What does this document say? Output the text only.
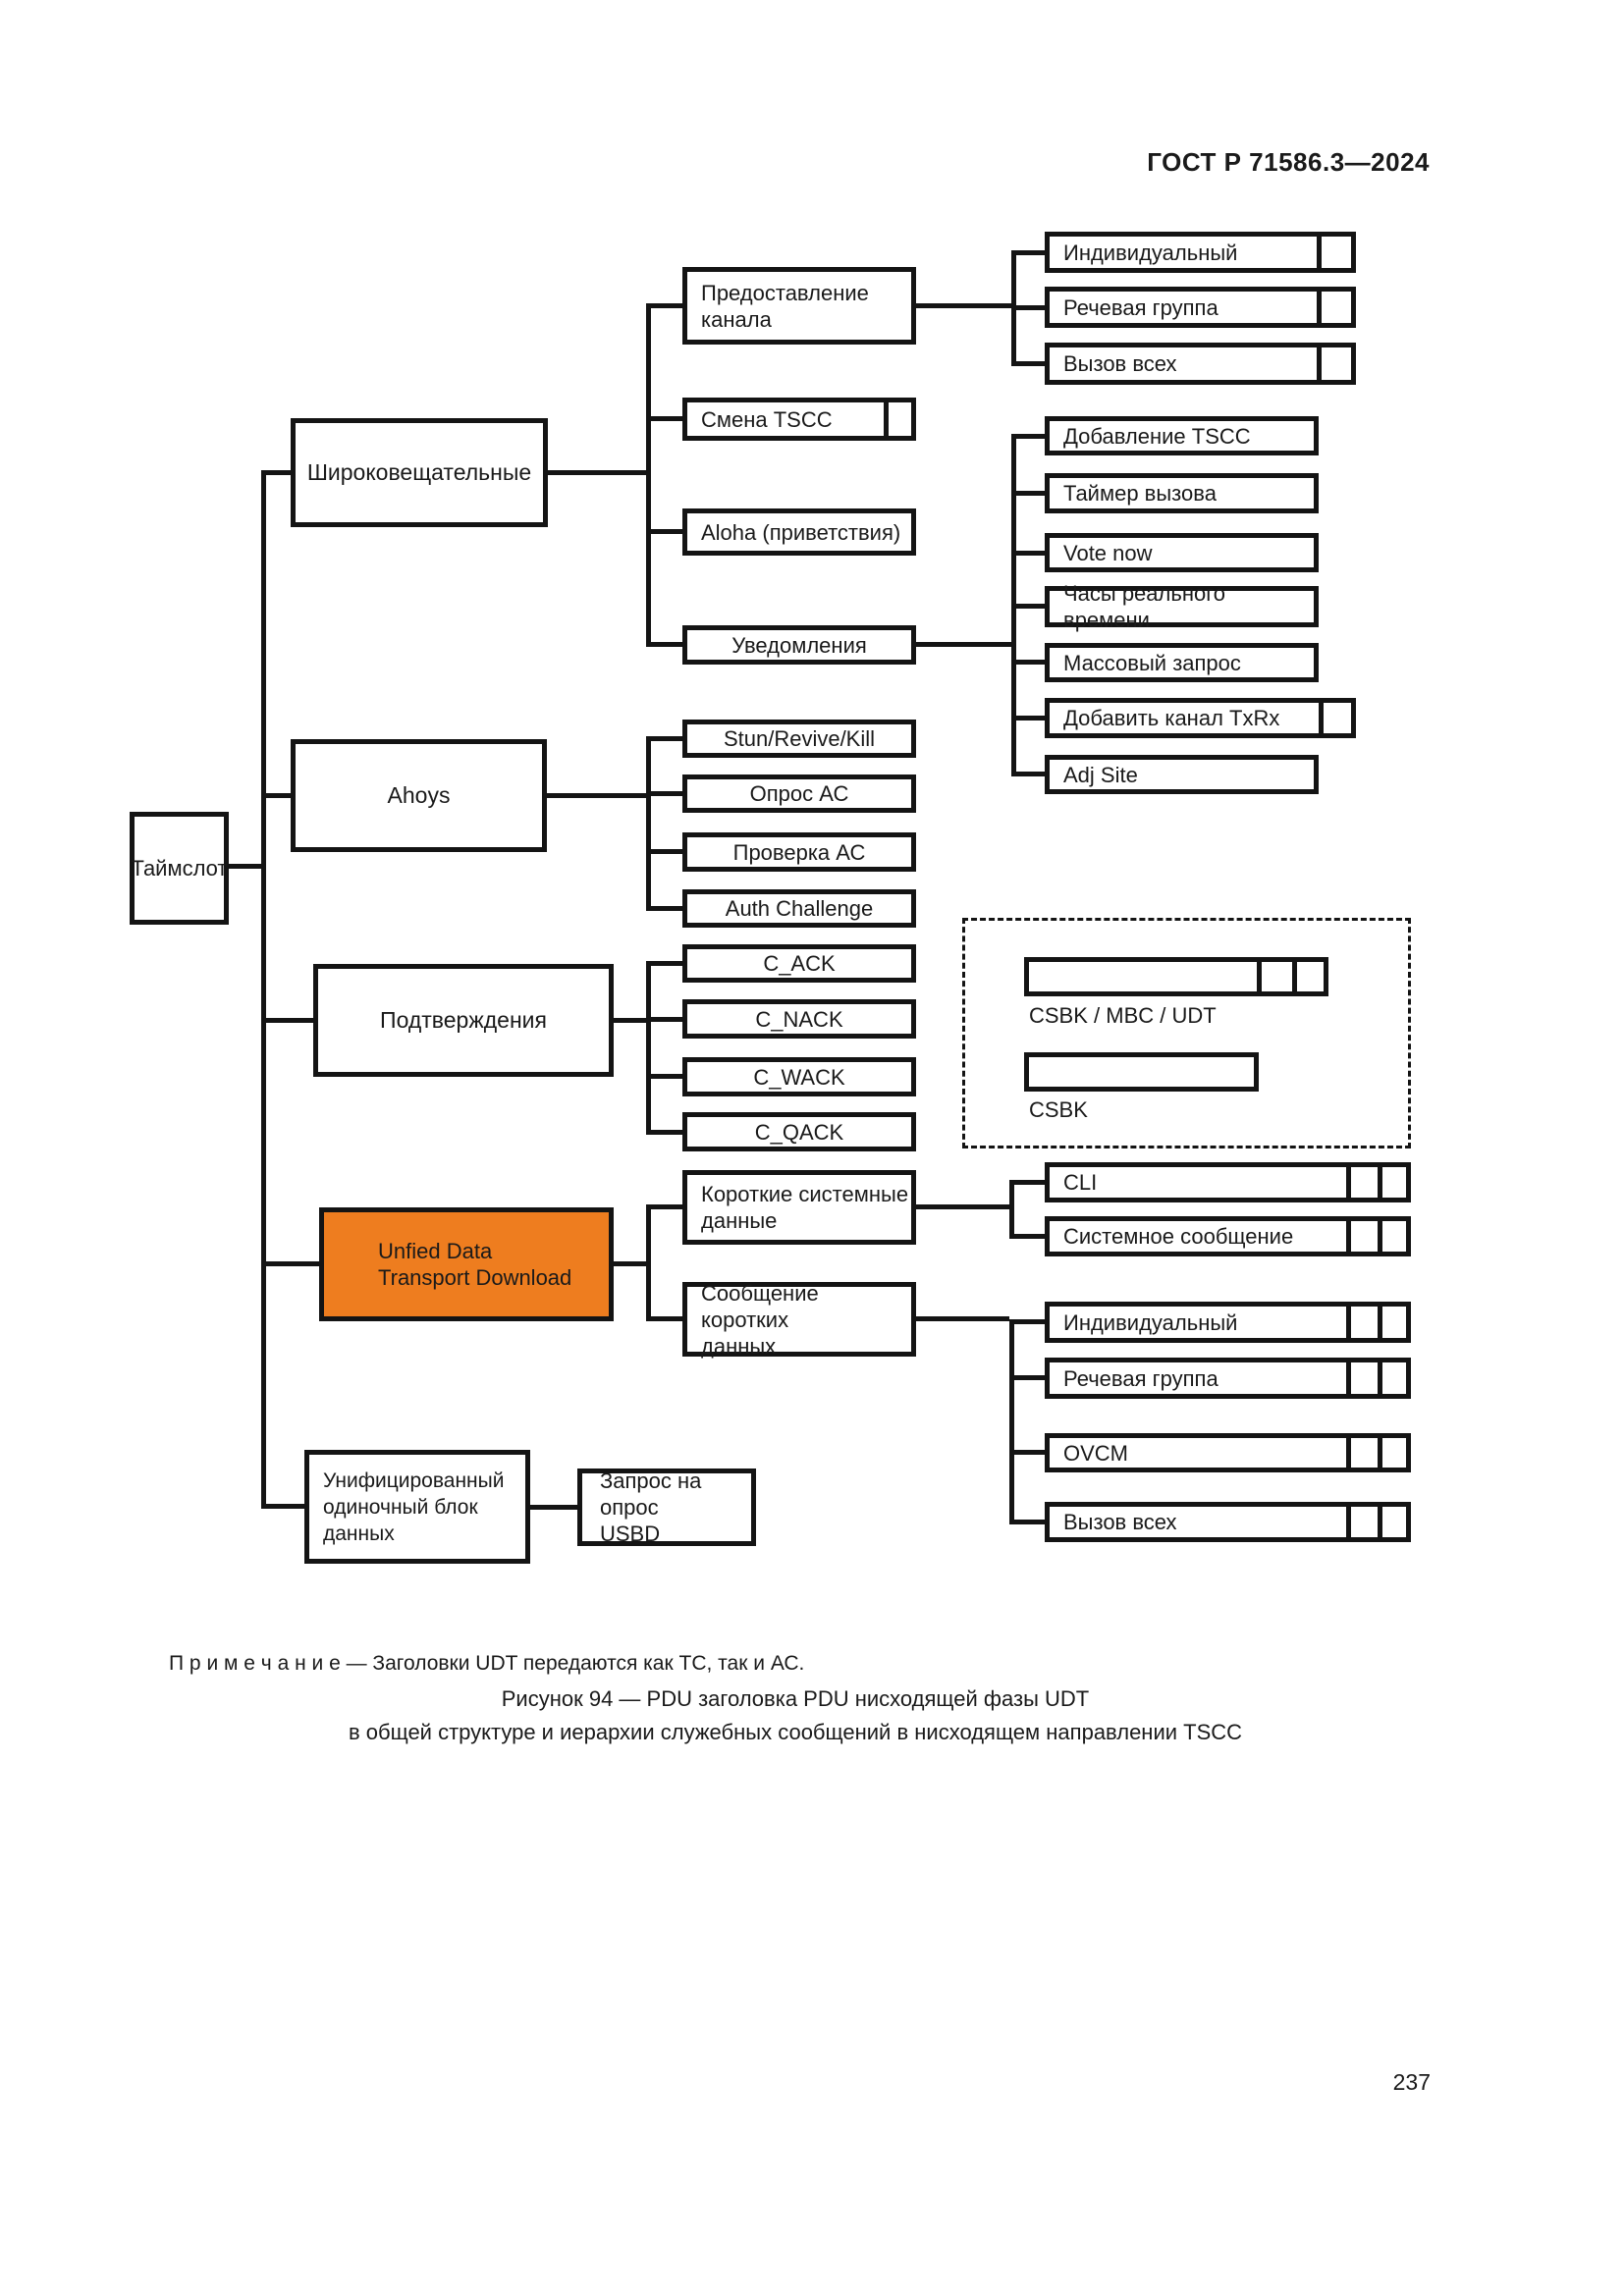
ГОСТ Р 71586.3—2024
237
П р и м е ч а н и е — Заголовки UDT передаются как ТС, так и АС.
Рисунок 94 — PDU заголовка PDU нисходящей фазы UDT
в общей структуре и иерархии служебных сообщений в нисходящем направлении TSCC
Таймслот
Широковещательные
Ahoys
Подтверждения
Unfied Data
Transport Download
Унифицированный
одиночный блок данных
Предоставление
канала
Смена TSCC
Aloha (приветствия)
Уведомления
Stun/Revive/Kill
Опрос АС
Проверка АС
Auth Challenge
C_ACK
C_NACK
C_WACK
C_QACK
Короткие системные
данные
Сообщение коротких
данных
Запрос на опрос
USBD
Индивидуальный
Речевая группа
Вызов всех
Добавление TSCC
Таймер вызова
Vote now
Часы реального времени
Массовый запрос
Добавить канал TxRx
Adj Site
CSBK / MBC / UDT
CSBK
CLI
Системное сообщение
Индивидуальный
Речевая группа
OVCM
Вызов всех
